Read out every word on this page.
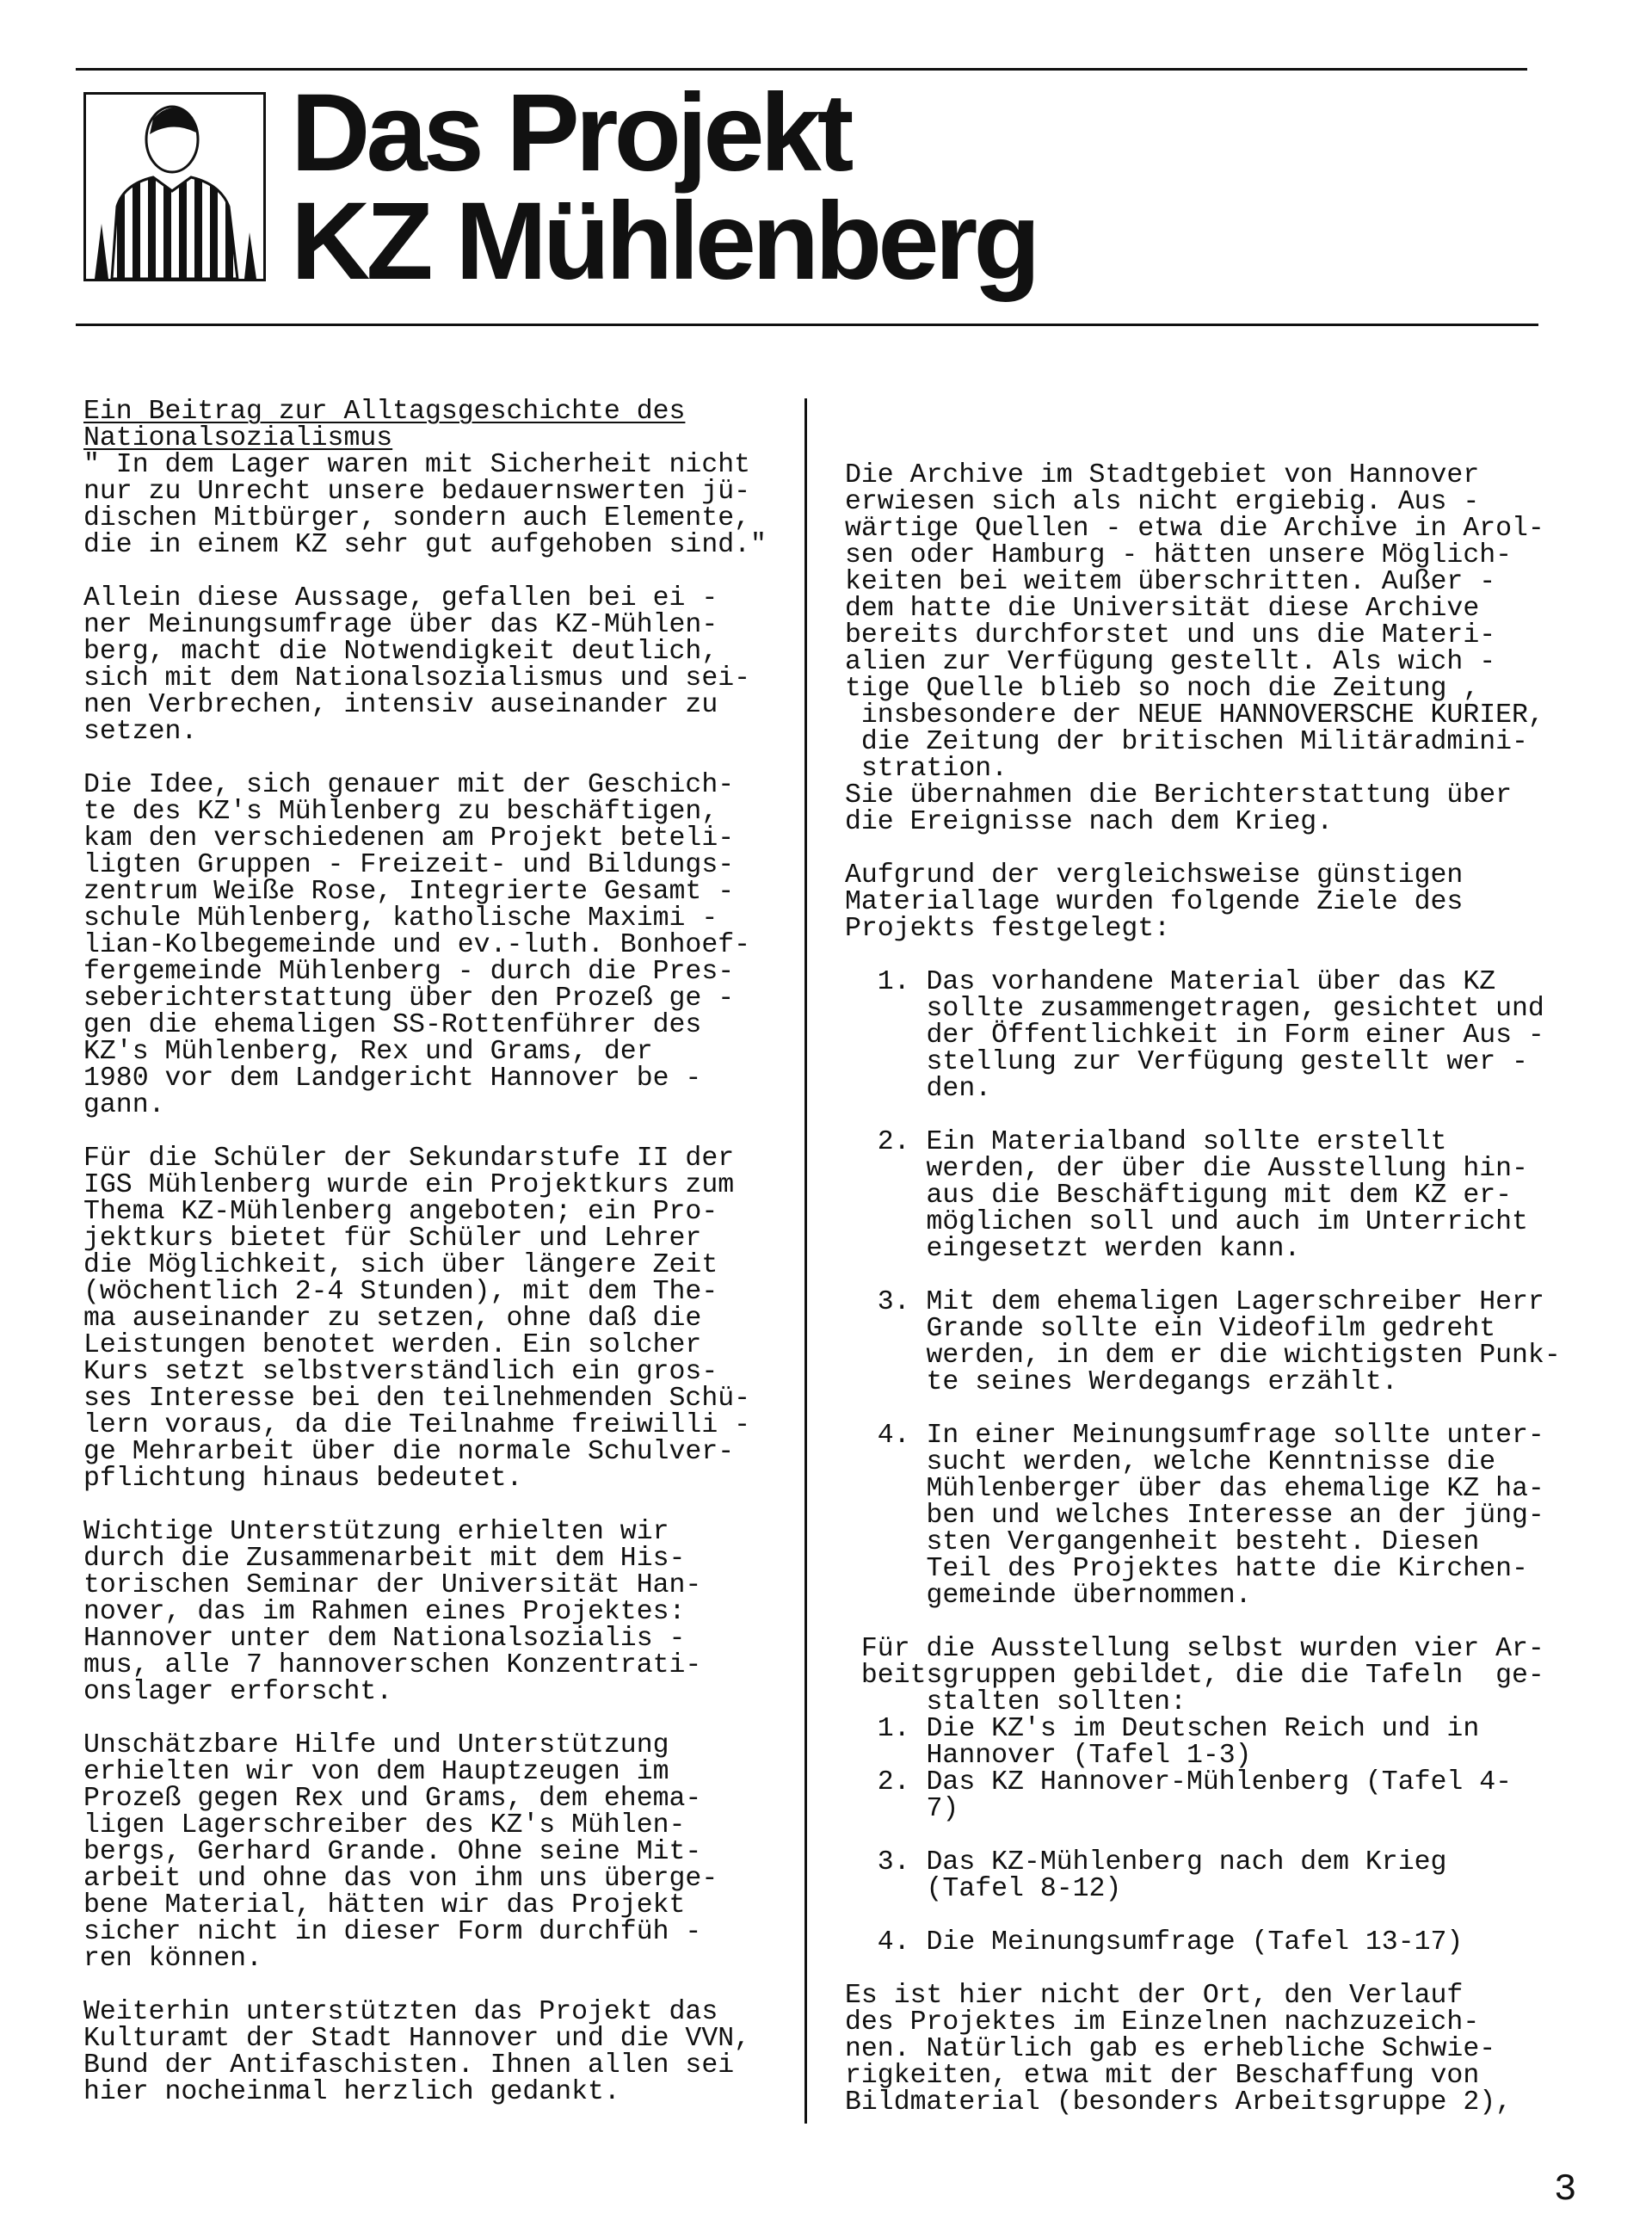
Das Projekt
KZ Mühlenberg

Ein Beitrag zur Alltagsgeschichte des

Nationalsozialismus

" In dem Lager waren mit Sicherheit nicht

nur zu Unrecht unsere bedauernswerten jü-

dischen Mitbürger, sondern auch Elemente,

die in einem KZ sehr gut aufgehoben sind."

Allein diese Aussage, gefallen bei ei -

ner Meinungsumfrage über das KZ-Mühlen-

berg, macht die Notwendigkeit deutlich,

sich mit dem Nationalsozialismus und sei-

nen Verbrechen, intensiv auseinander zu

setzen.

Die Idee, sich genauer mit der Geschich-

te des KZ's Mühlenberg zu beschäftigen,

kam den verschiedenen am Projekt beteli-

ligten Gruppen - Freizeit- und Bildungs-

zentrum Weiße Rose, Integrierte Gesamt -

schule Mühlenberg, katholische Maximi -

lian-Kolbegemeinde und ev.-luth. Bonhoef-

fergemeinde Mühlenberg - durch die Pres-

seberichterstattung über den Prozeß ge -

gen die ehemaligen SS-Rottenführer des

KZ's Mühlenberg, Rex und Grams, der

1980 vor dem Landgericht Hannover be -

gann.

Für die Schüler der Sekundarstufe II der

IGS Mühlenberg wurde ein Projektkurs zum

Thema KZ-Mühlenberg angeboten; ein Pro-

jektkurs bietet für Schüler und Lehrer

die Möglichkeit, sich über längere Zeit

(wöchentlich 2-4 Stunden), mit dem The-

ma auseinander zu setzen, ohne daß die

Leistungen benotet werden. Ein solcher

Kurs setzt selbstverständlich ein gros-

ses Interesse bei den teilnehmenden Schü-

lern voraus, da die Teilnahme freiwilli -

ge Mehrarbeit über die normale Schulver-

pflichtung hinaus bedeutet.

Wichtige Unterstützung erhielten wir

durch die Zusammenarbeit mit dem His-

torischen Seminar der Universität Han-

nover, das im Rahmen eines Projektes:

Hannover unter dem Nationalsozialis -

mus, alle 7 hannoverschen Konzentrati-

onslager erforscht.

Unschätzbare Hilfe und Unterstützung

erhielten wir von dem Hauptzeugen im

Prozeß gegen Rex und Grams, dem ehema-

ligen Lagerschreiber des KZ's Mühlen-

bergs, Gerhard Grande. Ohne seine Mit-

arbeit und ohne das von ihm uns überge-

bene Material, hätten wir das Projekt

sicher nicht in dieser Form durchfüh -

ren können.

Weiterhin unterstützten das Projekt das

Kulturamt der Stadt Hannover und die VVN,

Bund der Antifaschisten. Ihnen allen sei

hier nocheinmal herzlich gedankt.

Die Archive im Stadtgebiet von Hannover

erwiesen sich als nicht ergiebig. Aus -

wärtige Quellen - etwa die Archive in Arol-

sen oder Hamburg - hätten unsere Möglich-

keiten bei weitem überschritten. Außer -

dem hatte die Universität diese Archive

bereits durchforstet und uns die Materi-

alien zur Verfügung gestellt. Als wich -

tige Quelle blieb so noch die Zeitung ,

insbesondere der NEUE HANNOVERSCHE KURIER,

die Zeitung der britischen Militäradmini-

stration.

Sie übernahmen die Berichterstattung über

die Ereignisse nach dem Krieg.

Aufgrund der vergleichsweise günstigen

Materiallage wurden folgende Ziele des

Projekts festgelegt:

1. Das vorhandene Material über das KZ

sollte zusammengetragen, gesichtet und

der Öffentlichkeit in Form einer Aus -

stellung zur Verfügung gestellt wer -

den.

2. Ein Materialband sollte erstellt

werden, der über die Ausstellung hin-

aus die Beschäftigung mit dem KZ er-

möglichen soll und auch im Unterricht

eingesetzt werden kann.

3. Mit dem ehemaligen Lagerschreiber Herr

Grande sollte ein Videofilm gedreht

werden, in dem er die wichtigsten Punk-

te seines Werdegangs erzählt.

4. In einer Meinungsumfrage sollte unter-

sucht werden, welche Kenntnisse die

Mühlenberger über das ehemalige KZ ha-

ben und welches Interesse an der jüng-

sten Vergangenheit besteht. Diesen

Teil des Projektes hatte die Kirchen-

gemeinde übernommen.

Für die Ausstellung selbst wurden vier Ar-

beitsgruppen gebildet, die die Tafeln  ge-

stalten sollten:

1. Die KZ's im Deutschen Reich und in

Hannover (Tafel 1-3)

2. Das KZ Hannover-Mühlenberg (Tafel 4-

7)

3. Das KZ-Mühlenberg nach dem Krieg

(Tafel 8-12)

4. Die Meinungsumfrage (Tafel 13-17)

Es ist hier nicht der Ort, den Verlauf

des Projektes im Einzelnen nachzuzeich-

nen. Natürlich gab es erhebliche Schwie-

rigkeiten, etwa mit der Beschaffung von

Bildmaterial (besonders Arbeitsgruppe 2),

3
